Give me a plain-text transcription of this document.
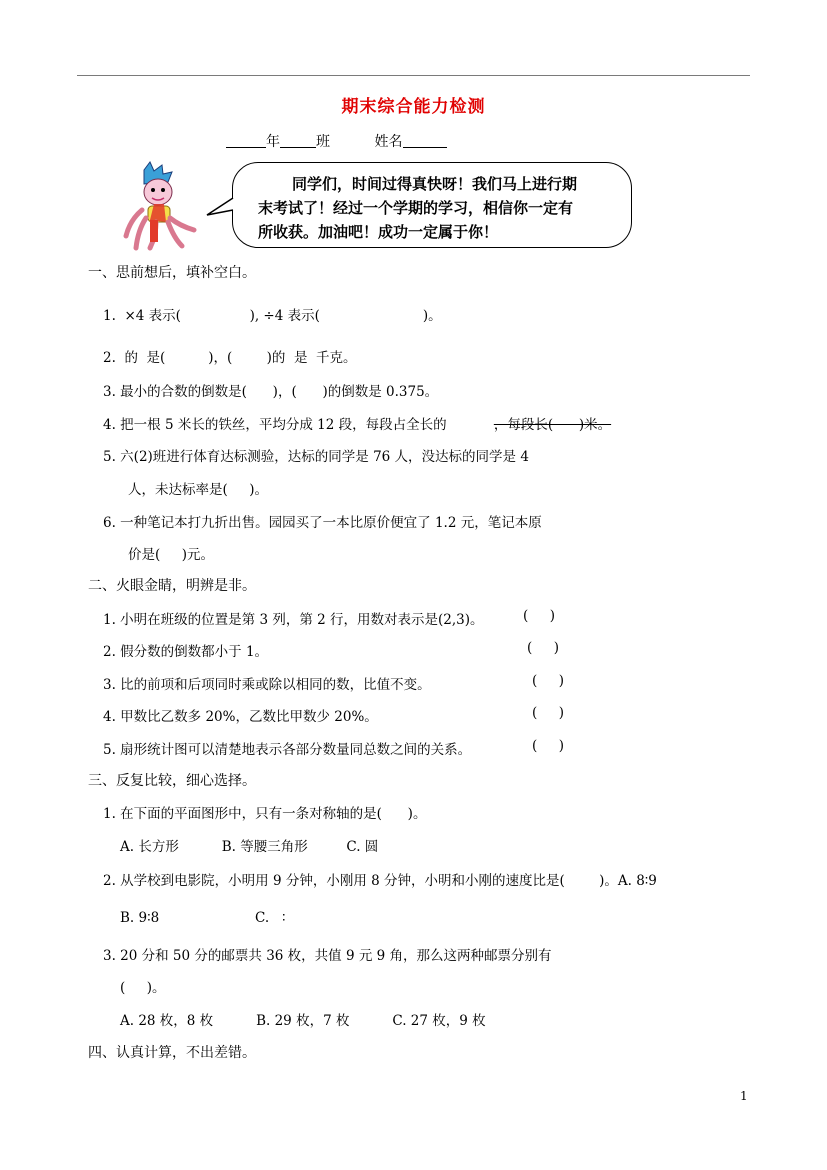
期末综合能力检测
年	班	姓名
同学们，时间过得真快呀！我们马上进行期
末考试了！经过一个学期的学习，相信你一定有
所收获。加油吧！成功一定属于你！
一、思前想后，填补空白。
1.  ×4 表示(                ), ÷4 表示(                        )。
2.  的  是(          )，(        )的  是  千克。
3. 最小的合数的倒数是(      )，(      )的倒数是 0.375。
4. 把一根 5 米长的铁丝，平均分成 12 段，每段占全长的	，每段长(      )米。
5. 六(2)班进行体育达标测验，达标的同学是 76 人，没达标的同学是 4
人，未达标率是(     )。
6. 一种笔记本打九折出售。园园买了一本比原价便宜了 1.2 元，笔记本原
价是(     )元。
二、火眼金睛，明辨是非。
1. 小明在班级的位置是第 3 列，第 2 行，用数对表示是(2,3)。	(     )
2. 假分数的倒数都小于 1。	(     )
3. 比的前项和后项同时乘或除以相同的数，比值不变。	(     )
4. 甲数比乙数多 20%，乙数比甲数少 20%。	(     )
5. 扇形统计图可以清楚地表示各部分数量同总数之间的关系。	(     )
三、反复比较，细心选择。
1. 在下面的平面图形中，只有一条对称轴的是(      )。
A. 长方形          B. 等腰三角形         C. 圆
2. 从学校到电影院，小明用 9 分钟，小刚用 8 分钟，小明和小刚的速度比是(        )。A. 8∶9
B. 9∶8	C.   ∶
3. 20 分和 50 分的邮票共 36 枚，共值 9 元 9 角，那么这两种邮票分别有
(     )。
A. 28 枚，8 枚          B. 29 枚，7 枚          C. 27 枚，9 枚
四、认真计算，不出差错。
1
